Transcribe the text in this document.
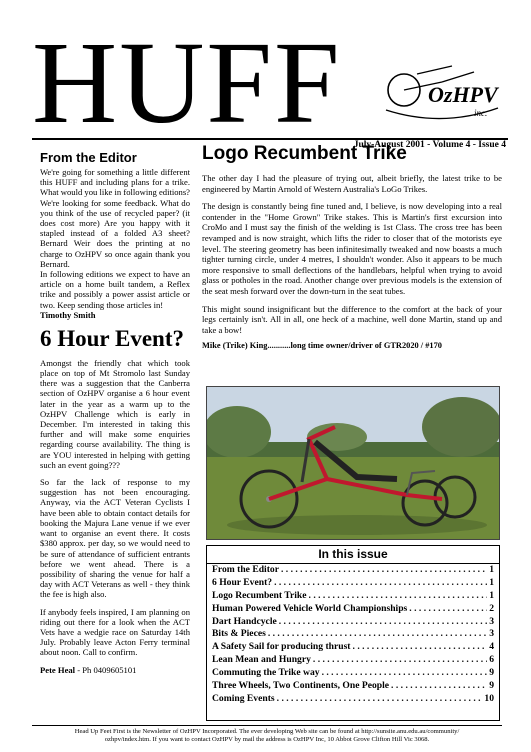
HUFF	OzHPV
inc.
July-August 2001 - Volume 4 - Issue 4
From the Editor

We're going for something a little different this HUFF and including plans for a trike. What would you like in following editions? We're looking for some feedback. What do you think of the use of recycled paper? (it does cost more) Are you happy with it stapled instead of a folded A3 sheet? Bernard Weir does the printing at no charge to OzHPV so once again thank you Bernard.

In following editions we expect to have an article on a home built tandem, a Reflex trike and possibly a power assist article or two. Keep sending those articles in!

Timothy Smith

6 Hour Event?

Amongst the friendly chat which took place on top of Mt Stromolo last Sunday there was a suggestion that the Canberra section of OzHPV organise a 6 hour event later in the year as a warm up to the OzHPV Challenge which is early in December. I'm interested in taking this further and will make some enquiries regarding course availability. The thing is are YOU interested in helping with getting such an event going???

So far the lack of response to my suggestion has not been encouraging. Anyway, via the ACT Veteran Cyclists I have been able to obtain contact details for booking the Majura Lane venue if we ever want to organise an event there. It costs $380 approx. per day, so we would need to be sure of attendance of sufficient entrants before we went ahead. There is a possibility of sharing the venue for half a day with ACT Veterans as well - they think the fee is high also.

If anybody feels inspired, I am planning on riding out there for a look when the ACT Vets have a wedgie race on Saturday 14th July. Probably leave Acton Ferry terminal about noon. Call to confirm.

Pete Heal - Ph 0409605101

Logo Recumbent Trike

The other day I had the pleasure of trying out, albeit briefly, the latest trike to be engineered by Martin Arnold of Western Australia's LoGo Trikes.

The design is constantly being fine tuned and, I believe, is now developing into a real contender in the "Home Grown" Trike stakes. This is Martin's first excursion into CroMo and I must say the finish of the welding is 1st Class. The cross tree has been revamped and is now straight, which lifts the rider to closer that of the motorists eye level. The steering geometry has been infinitesimally tweaked and now boasts a much tighter turning circle, under 4 metres, I shouldn't wonder. Also it appears to be much more responsive to small deflections of the handlebars, helpful when trying to avoid glass or potholes in the road. Another change over previous models is the extension of the seat mesh forward over the down-turn in the seat tubes.

This might sound insignificant but the difference to the comfort at the back of your legs certainly isn't. All in all, one heck of a machine, well done Martin, stand up and take a bow!

Mike (Trike) King...........long time owner/driver of GTR2020 / #170

In this issue
From the Editor . . .	1
6 Hour Event? . . .	1
Logo Recumbent Trike . . .	1
Human Powered Vehicle World Championships . . .	2
Dart Handcycle . . .	3
Bits & Pieces . . .	3
A Safety Sail for producing thrust . . .	4
Lean Mean and Hungry . . .	6
Commuting the Trike way . . .	9
Three Wheels, Two Continents, One People . . .	9
Coming Events . . .	10
Head Up Feet First is the Newsletter of OzHPV Incorporated. The ever developing Web site can be found at http://sunsite.anu.edu.au/community/
ozhpv/index.htm. If you want to contact OzHPV by mail the address is OzHPV Inc, 10 Abbot Grove Clifton Hill Vic 3068.
